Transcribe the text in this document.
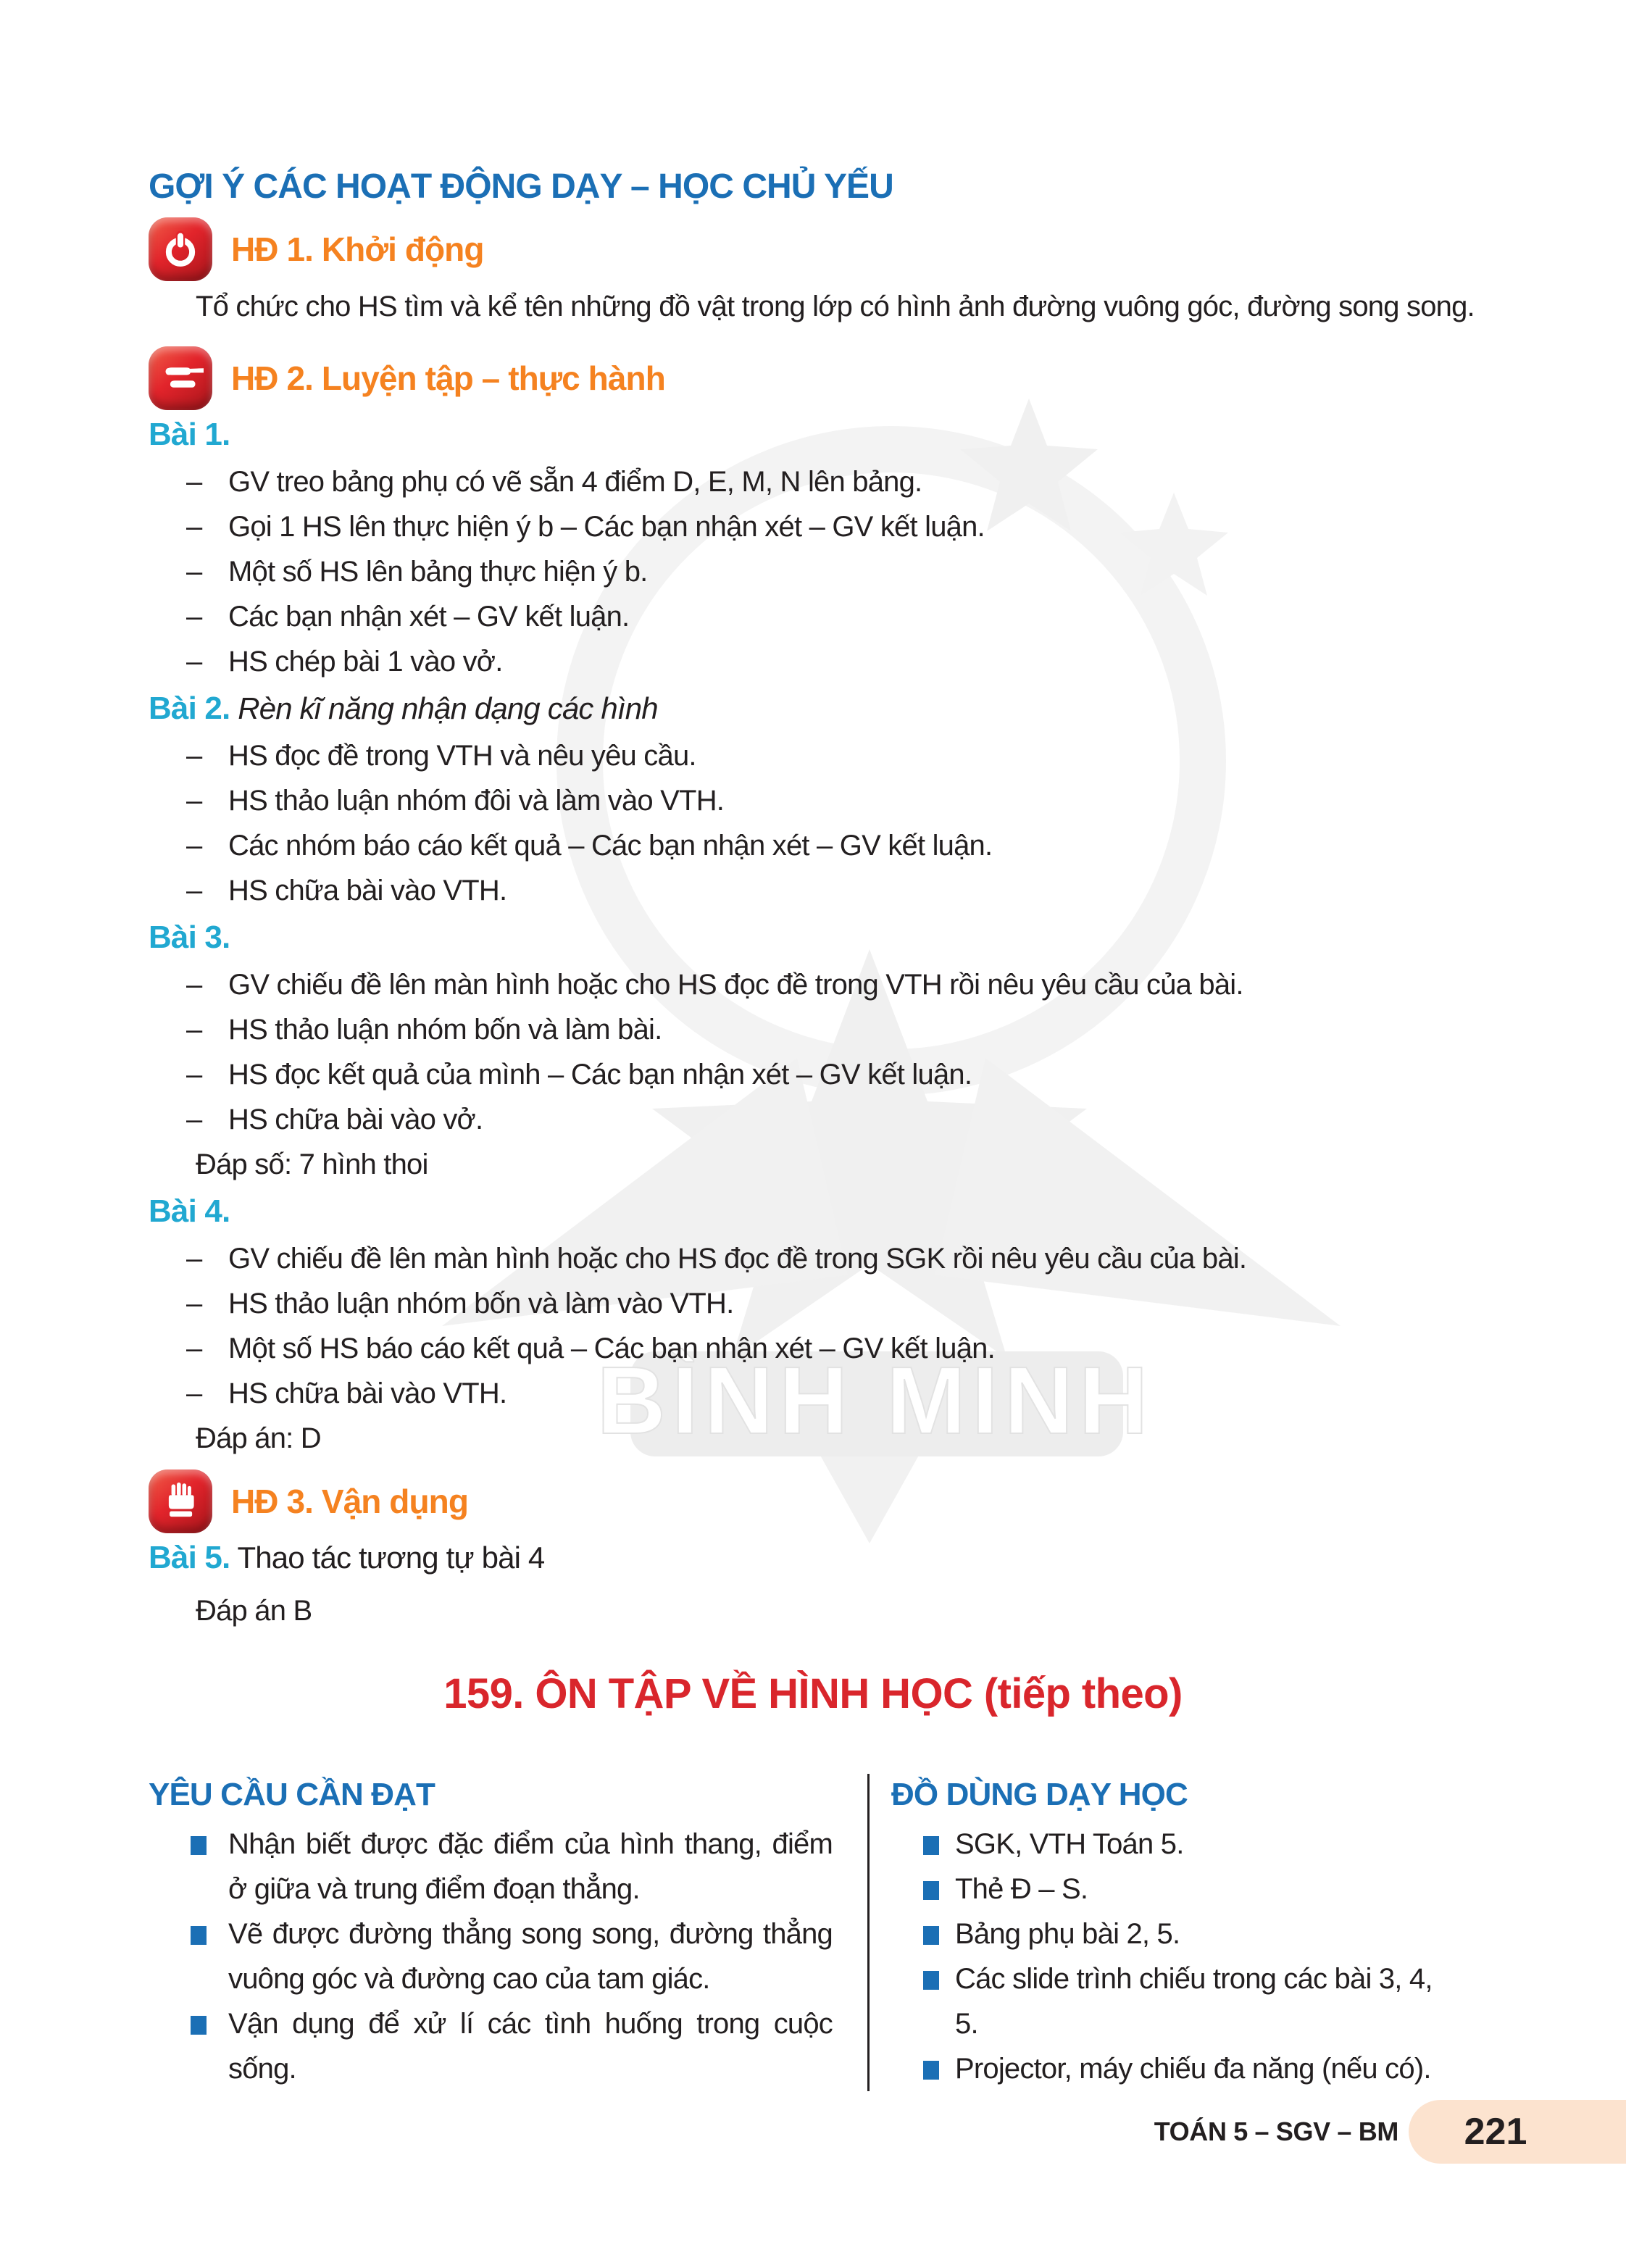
BÌNH MINH
GỢI Ý CÁC HOẠT ĐỘNG DẠY – HỌC CHỦ YẾU
HĐ 1. Khởi động

Tổ chức cho HS tìm và kể tên những đồ vật trong lớp có hình ảnh đường vuông góc, đường song song.

HĐ 2. Luyện tập – thực hành
Bài 1.
– GV treo bảng phụ có vẽ sẵn 4 điểm D, E, M, N lên bảng.
– Gọi 1 HS lên thực hiện ý b – Các bạn nhận xét – GV kết luận.
– Một số HS lên bảng thực hiện ý b.
– Các bạn nhận xét – GV kết luận.
– HS chép bài 1 vào vở.
Bài 2. Rèn kĩ năng nhận dạng các hình
– HS đọc đề trong VTH và nêu yêu cầu.
– HS thảo luận nhóm đôi và làm vào VTH.
– Các nhóm báo cáo kết quả – Các bạn nhận xét – GV kết luận.
– HS chữa bài vào VTH.
Bài 3.
– GV chiếu đề lên màn hình hoặc cho HS đọc đề trong VTH rồi nêu yêu cầu của bài.
– HS thảo luận nhóm bốn và làm bài.
– HS đọc kết quả của mình – Các bạn nhận xét – GV kết luận.
– HS chữa bài vào vở.
Đáp số: 7 hình thoi
Bài 4.
– GV chiếu đề lên màn hình hoặc cho HS đọc đề trong SGK rồi nêu yêu cầu của bài.
– HS thảo luận nhóm bốn và làm vào VTH.
– Một số HS báo cáo kết quả – Các bạn nhận xét – GV kết luận.
– HS chữa bài vào VTH.
Đáp án: D
HĐ 3. Vận dụng
Bài 5. Thao tác tương tự bài 4
Đáp án B
159. ÔN TẬP VỀ HÌNH HỌC (tiếp theo)
YÊU CẦU CẦN ĐẠT
Nhận biết được đặc điểm của hình thang, điểm ở giữa và trung điểm đoạn thẳng.
Vẽ được đường thẳng song song, đường thẳng vuông góc và đường cao của tam giác.
Vận dụng để xử lí các tình huống trong cuộc sống.
ĐỒ DÙNG DẠY HỌC
SGK, VTH Toán 5.
Thẻ Đ – S.
Bảng phụ bài 2, 5.
Các slide trình chiếu trong các bài 3, 4, 5.
Projector, máy chiếu đa năng (nếu có).
TOÁN 5 – SGV – BM 221
